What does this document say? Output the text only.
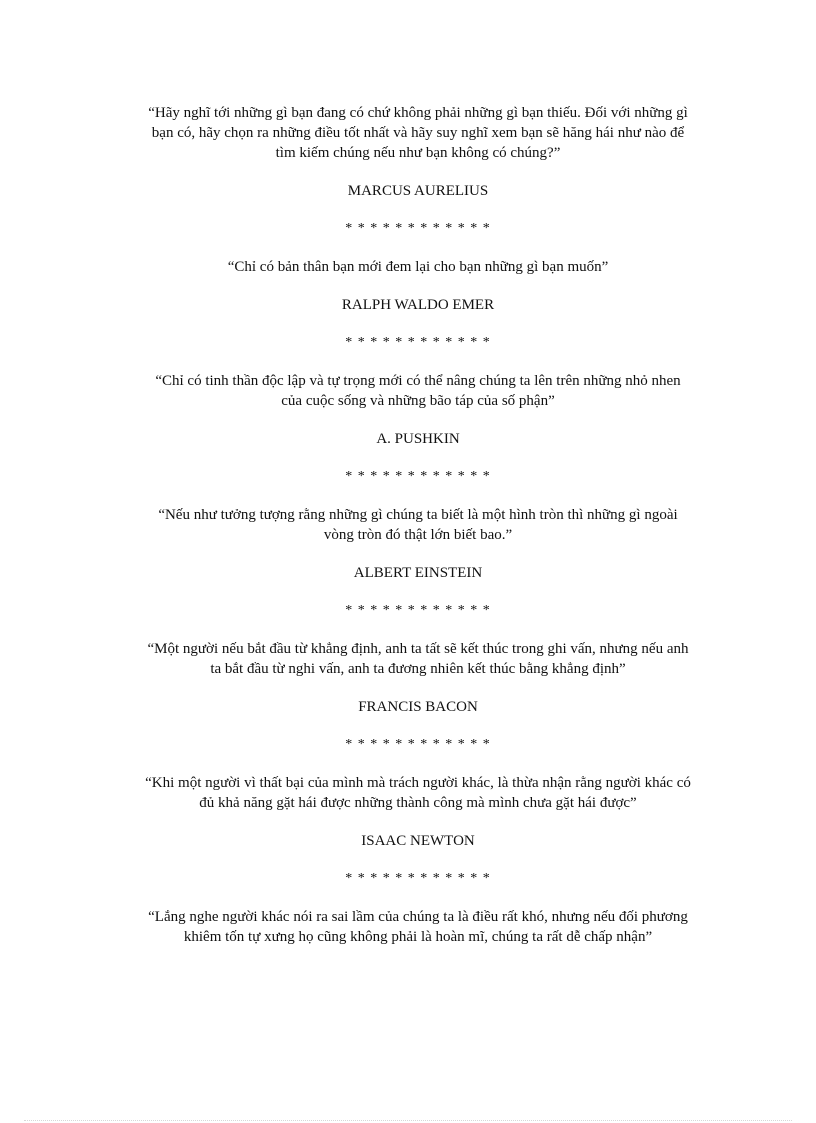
“Hãy nghĩ tới những gì bạn đang có chứ không phải những gì bạn thiếu. Đối với những gì
bạn có, hãy chọn ra những điều tốt nhất và hãy suy nghĩ xem bạn sẽ hăng hái như nào để
tìm kiếm chúng nếu như bạn không có chúng?”

MARCUS AURELIUS

* * * * * * * * * * * *

“Chỉ có bản thân bạn mới đem lại cho bạn những gì bạn muốn”

RALPH WALDO EMER

* * * * * * * * * * * *

“Chỉ có tinh thần độc lập và tự trọng mới có thể nâng chúng ta lên trên những nhỏ nhen
của cuộc sống và những bão táp của số phận”

A. PUSHKIN

* * * * * * * * * * * *

“Nếu như tưởng tượng rằng những gì chúng ta biết là một hình tròn thì những gì ngoài
vòng tròn đó thật lớn biết bao.”

ALBERT EINSTEIN

* * * * * * * * * * * *

“Một người nếu bắt đầu từ khẳng định, anh ta tất sẽ kết thúc trong ghi vấn, nhưng nếu anh
ta bắt đầu từ nghi vấn, anh ta đương nhiên kết thúc bằng khẳng định”

FRANCIS BACON

* * * * * * * * * * * *

“Khi một người vì thất bại của mình mà trách người khác, là thừa nhận rằng người khác có
đủ khả năng gặt hái được những thành công mà mình chưa gặt hái được”

ISAAC NEWTON

* * * * * * * * * * * *

“Lắng nghe người khác nói ra sai lầm của chúng ta là điều rất khó, nhưng nếu đối phương
khiêm tốn tự xưng họ cũng không phải là hoàn mĩ, chúng ta rất dễ chấp nhận”
